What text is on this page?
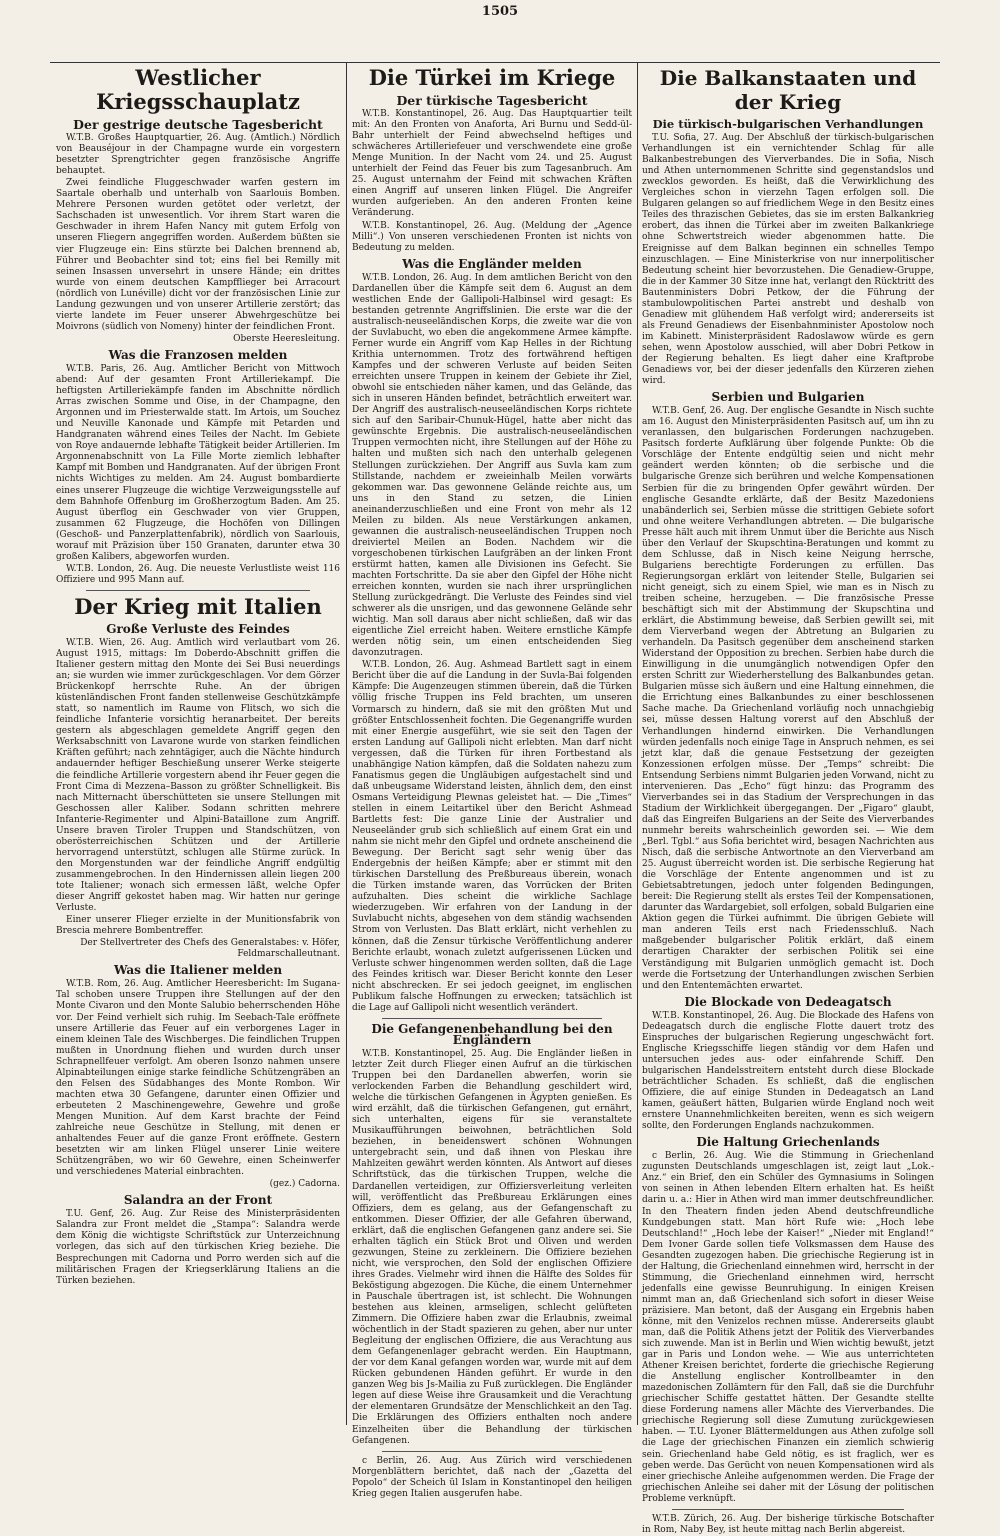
1505
Westlicher Kriegsschauplatz
Der gestrige deutsche Tagesbericht

W.T.B. Großes Hauptquartier, 26. Aug. (Amtlich.) Nördlich von Beauséjour in der Champagne wurde ein vorgestern besetzter Sprengtrichter gegen französische Angriffe behauptet.

Zwei feindliche Fluggeschwader warfen gestern im Saartale oberhalb und unterhalb von Saarlouis Bomben. Mehrere Personen wurden getötet oder verletzt, der Sachschaden ist unwesentlich. Vor ihrem Start waren die Geschwader in ihrem Hafen Nancy mit gutem Erfolg von unseren Fliegern angegriffen worden. Außerdem büßten sie vier Flugzeuge ein: Eins stürzte bei Dalchen brennend ab, Führer und Beobachter sind tot; eins fiel bei Remilly mit seinen Insassen unversehrt in unsere Hände; ein drittes wurde von einem deutschen Kampfflieger bei Arracourt (nördlich von Lunéville) dicht vor der französischen Linie zur Landung gezwungen und von unserer Artillerie zerstört; das vierte landete im Feuer unserer Abwehrgeschütze bei Moivrons (südlich von Nomeny) hinter der feindlichen Front.

Oberste Heeresleitung.

Was die Franzosen melden

W.T.B. Paris, 26. Aug. Amtlicher Bericht von Mittwoch abend: Auf der gesamten Front Artilleriekampf. Die heftigsten Artilleriekämpfe fanden im Abschnitte nördlich Arras zwischen Somme und Oise, in der Champagne, den Argonnen und im Priesterwalde statt. Im Artois, um Souchez und Neuville Kanonade und Kämpfe mit Petarden und Handgranaten während eines Teiles der Nacht. Im Gebiete von Roye andauernde lebhafte Tätigkeit beider Artillerien. Im Argonnenabschnitt von La Fille Morte ziemlich lebhafter Kampf mit Bomben und Handgranaten. Auf der übrigen Front nichts Wichtiges zu melden. Am 24. August bombardierte eines unserer Flugzeuge die wichtige Verzweigungsstelle auf dem Bahnhofe Offenburg im Großherzogtum Baden. Am 25. August überflog ein Geschwader von vier Gruppen, zusammen 62 Flugzeuge, die Hochöfen von Dillingen (Geschoß- und Panzerplattenfabrik), nördlich von Saarlouis, worauf mit Präzision über 150 Granaten, darunter etwa 30 großen Kalibers, abgeworfen wurden.

W.T.B. London, 26. Aug. Die neueste Verlustliste weist 116 Offiziere und 995 Mann auf.

Der Krieg mit Italien
Große Verluste des Feindes

W.T.B. Wien, 26. Aug. Amtlich wird verlautbart vom 26. August 1915, mittags: Im Doberdo-Abschnitt griffen die Italiener gestern mittag den Monte dei Sei Busi neuerdings an; sie wurden wie immer zurückgeschlagen. Vor dem Görzer Brückenkopf herrschte Ruhe. An der übrigen küstenländischen Front fanden stellenweise Geschützkämpfe statt, so namentlich im Raume von Flitsch, wo sich die feindliche Infanterie vorsichtig heranarbeitet. Der bereits gestern als abgeschlagen gemeldete Angriff gegen den Werksabschnitt von Lavarone wurde von starken feindlichen Kräften geführt; nach zehntägiger, auch die Nächte hindurch andauernder heftiger Beschießung unserer Werke steigerte die feindliche Artillerie vorgestern abend ihr Feuer gegen die Front Cima di Mezzena–Basson zu größter Schnelligkeit. Bis nach Mitternacht überschütteten sie unsere Stellungen mit Geschossen aller Kaliber. Sodann schritten mehrere Infanterie-Regimenter und Alpini-Bataillone zum Angriff. Unsere braven Tiroler Truppen und Standschützen, von oberösterreichischen Schützen und der Artillerie hervorragend unterstützt, schlugen alle Stürme zurück. In den Morgenstunden war der feindliche Angriff endgültig zusammengebrochen. In den Hindernissen allein liegen 200 tote Italiener; wonach sich ermessen läßt, welche Opfer dieser Angriff gekostet haben mag. Wir hatten nur geringe Verluste.

Einer unserer Flieger erzielte in der Munitionsfabrik von Brescia mehrere Bombentreffer.

Der Stellvertreter des Chefs des Generalstabes: v. Höfer, Feldmarschalleutnant.

Was die Italiener melden

W.T.B. Rom, 26. Aug. Amtlicher Heeresbericht: Im Sugana-Tal schoben unsere Truppen ihre Stellungen auf der den Monte Civaron und den Monte Salubio beherrschenden Höhe vor. Der Feind verhielt sich ruhig. Im Seebach-Tale eröffnete unsere Artillerie das Feuer auf ein verborgenes Lager in einem kleinen Tale des Wischberges. Die feindlichen Truppen mußten in Unordnung fliehen und wurden durch unser Schrapnellfeuer verfolgt. Am oberen Isonzo nahmen unsere Alpinabteilungen einige starke feindliche Schützengräben an den Felsen des Südabhanges des Monte Rombon. Wir machten etwa 30 Gefangene, darunter einen Offizier und erbeuteten 2 Maschinengewehre, Gewehre und große Mengen Munition. Auf dem Karst brachte der Feind zahlreiche neue Geschütze in Stellung, mit denen er anhaltendes Feuer auf die ganze Front eröffnete. Gestern besetzten wir am linken Flügel unserer Linie weitere Schützengräben, wo wir 60 Gewehre, einen Scheinwerfer und verschiedenes Material einbrachten.

(gez.) Cadorna.

Salandra an der Front

T.U. Genf, 26. Aug. Zur Reise des Ministerpräsidenten Salandra zur Front meldet die „Stampa“: Salandra werde dem König die wichtigste Schriftstück zur Unterzeichnung vorlegen, das sich auf den türkischen Krieg beziehe. Die Besprechungen mit Cadorna und Porro werden sich auf die militärischen Fragen der Kriegserklärung Italiens an die Türken beziehen.

Die Türkei im Kriege
Der türkische Tagesbericht

W.T.B. Konstantinopel, 26. Aug. Das Hauptquartier teilt mit: An den Fronten von Anaforta, Ari Burnu und Sedd-ül-Bahr unterhielt der Feind abwechselnd heftiges und schwächeres Artilleriefeuer und verschwendete eine große Menge Munition. In der Nacht vom 24. und 25. August unterhielt der Feind das Feuer bis zum Tagesanbruch. Am 25. August unternahm der Feind mit schwachen Kräften einen Angriff auf unseren linken Flügel. Die Angreifer wurden aufgerieben. An den anderen Fronten keine Veränderung.

W.T.B. Konstantinopel, 26. Aug. (Meldung der „Agence Milli“.) Von unseren verschiedenen Fronten ist nichts von Bedeutung zu melden.

Was die Engländer melden

W.T.B. London, 26. Aug. In dem amtlichen Bericht von den Dardanellen über die Kämpfe seit dem 6. August an dem westlichen Ende der Gallipoli-Halbinsel wird gesagt: Es bestanden getrennte Angriffslinien. Die erste war die der australisch-neuseeländischen Korps, die zweite war die von der Suvlabucht, wo eben die angekommene Armee kämpfte. Ferner wurde ein Angriff vom Kap Helles in der Richtung Krithia unternommen. Trotz des fortwährend heftigen Kampfes und der schweren Verluste auf beiden Seiten erreichten unsere Truppen in keinem der Gebiete ihr Ziel, obwohl sie entschieden näher kamen, und das Gelände, das sich in unseren Händen befindet, beträchtlich erweitert war. Der Angriff des australisch-neuseeländischen Korps richtete sich auf den Saribair-Chunuk-Hügel, hatte aber nicht das gewünschte Ergebnis. Die australisch-neuseeländischen Truppen vermochten nicht, ihre Stellungen auf der Höhe zu halten und mußten sich nach den unterhalb gelegenen Stellungen zurückziehen. Der Angriff aus Suvla kam zum Stillstande, nachdem er zweieinhalb Meilen vorwärts gekommen war. Das gewonnene Gelände reichte aus, um uns in den Stand zu setzen, die Linien aneinanderzuschließen und eine Front von mehr als 12 Meilen zu bilden. Als neue Verstärkungen ankamen, gewannen die australisch-neuseeländischen Truppen noch dreiviertel Meilen an Boden. Nachdem wir die vorgeschobenen türkischen Laufgräben an der linken Front erstürmt hatten, kamen alle Divisionen ins Gefecht. Sie machten Fortschritte. Da sie aber den Gipfel der Höhe nicht erreichen konnten, wurden sie nach ihrer ursprünglichen Stellung zurückgedrängt. Die Verluste des Feindes sind viel schwerer als die unsrigen, und das gewonnene Gelände sehr wichtig. Man soll daraus aber nicht schließen, daß wir das eigentliche Ziel erreicht haben. Weitere ernstliche Kämpfe werden nötig sein, um einen entscheidenden Sieg davonzutragen.

W.T.B. London, 26. Aug. Ashmead Bartlett sagt in einem Bericht über die auf die Landung in der Suvla-Bai folgenden Kämpfe: Die Augenzeugen stimmen überein, daß die Türken völlig frische Truppen ins Feld brachten, um unseren Vormarsch zu hindern, daß sie mit den größten Mut und größter Entschlossenheit fochten. Die Gegenangriffe wurden mit einer Energie ausgeführt, wie sie seit den Tagen der ersten Landung auf Gallipoli nicht erlebten. Man darf nicht vergessen, daß die Türken für ihren Fortbestand als unabhängige Nation kämpfen, daß die Soldaten nahezu zum Fanatismus gegen die Ungläubigen aufgestachelt sind und daß unbeugsame Widerstand leisten, ähnlich dem, den einst Osmans Verteidigung Plewnas geleistet hat. — Die „Times“ stellen in einem Leitartikel über den Bericht Ashmead Bartletts fest: Die ganze Linie der Australier und Neuseeländer grub sich schließlich auf einem Grat ein und nahm sie nicht mehr den Gipfel und ordnete anscheinend die Bewegung. Der Bericht sagt sehr wenig über das Endergebnis der heißen Kämpfe; aber er stimmt mit den türkischen Darstellung des Preßbureaus überein, wonach die Türken imstande waren, das Vorrücken der Briten aufzuhalten. Dies scheint die wirkliche Sachlage wiederzugeben. Wir erfahren von der Landung in der Suvlabucht nichts, abgesehen von dem ständig wachsenden Strom von Verlusten. Das Blatt erklärt, nicht verhehlen zu können, daß die Zensur türkische Veröffentlichung anderer Berichte erlaubt, wonach zuletzt aufgerissenen Lücken und Verluste schwer hingenommen werden sollten, daß die Lage des Feindes kritisch war. Dieser Bericht konnte den Leser nicht abschrecken. Er sei jedoch geeignet, im englischen Publikum falsche Hoffnungen zu erwecken; tatsächlich ist die Lage auf Gallipoli nicht wesentlich verändert.

Die Gefangenenbehandlung bei den Engländern

W.T.B. Konstantinopel, 25. Aug. Die Engländer ließen in letzter Zeit durch Flieger einen Aufruf an die türkischen Truppen bei den Dardanellen abwerfen, worin sie verlockenden Farben die Behandlung geschildert wird, welche die türkischen Gefangenen in Ägypten genießen. Es wird erzählt, daß die türkischen Gefangenen, gut ernährt, sich unterhalten, eigens für sie veranstaltete Musikaufführungen beiwohnen, beträchtlichen Sold beziehen, in beneidenswert schönen Wohnungen untergebracht sein, und daß ihnen von Pleskau ihre Mahlzeiten gewährt werden könnten. Als Antwort auf dieses Schriftstück, das die türkischen Truppen, welche die Dardanellen verteidigen, zur Offiziersverleitung verleiten will, veröffentlicht das Preßbureau Erklärungen eines Offiziers, dem es gelang, aus der Gefangenschaft zu entkommen. Dieser Offizier, der alle Gefahren überwand, erklärt, daß die englischen Gefangenen ganz andere sei. Sie erhalten täglich ein Stück Brot und Oliven und werden gezwungen, Steine zu zerkleinern. Die Offiziere beziehen nicht, wie versprochen, den Sold der englischen Offiziere ihres Grades. Vielmehr wird ihnen die Hälfte des Soldes für Beköstigung abgezogen. Die Küche, die einem Unternehmer in Pauschale übertragen ist, ist schlecht. Die Wohnungen bestehen aus kleinen, armseligen, schlecht gelüfteten Zimmern. Die Offiziere haben zwar die Erlaubnis, zweimal wöchentlich in der Stadt spazieren zu gehen, aber nur unter Begleitung der englischen Offiziere, die aus Verachtung aus dem Gefangenenlager gebracht werden. Ein Hauptmann, der vor dem Kanal gefangen worden war, wurde mit auf dem Rücken gebundenen Händen geführt. Er wurde in den ganzen Weg bis Js-Mailia zu Fuß zurücklegen. Die Engländer legen auf diese Weise ihre Grausamkeit und die Verachtung der elementaren Grundsätze der Menschlichkeit an den Tag. Die Erklärungen des Offiziers enthalten noch andere Einzelheiten über die Behandlung der türkischen Gefangenen.

c Berlin, 26. Aug. Aus Zürich wird verschiedenen Morgenblättern berichtet, daß nach der „Gazetta del Popolo“ der Scheich ül Islam in Konstantinopel den heiligen Krieg gegen Italien ausgerufen habe.

Die Balkanstaaten und der Krieg
Die türkisch-bulgarischen Verhandlungen

T.U. Sofia, 27. Aug. Der Abschluß der türkisch-bulgarischen Verhandlungen ist ein vernichtender Schlag für alle Balkanbestrebungen des Vierverbandes. Die in Sofia, Nisch und Athen unternommenen Schritte sind gegenstandslos und zwecklos geworden. Es heißt, daß die Verwirklichung des Vergleiches schon in vierzehn Tagen erfolgen soll. Die Bulgaren gelangen so auf friedlichem Wege in den Besitz eines Teiles des thrazischen Gebietes, das sie im ersten Balkankrieg erobert, das ihnen die Türkei aber im zweiten Balkankriege ohne Schwertstreich wieder abgenommen hatte. Die Ereignisse auf dem Balkan beginnen ein schnelles Tempo einzuschlagen. — Eine Ministerkrise von nur innerpolitischer Bedeutung scheint hier bevorzustehen. Die Genadiew-Gruppe, die in der Kammer 30 Sitze inne hat, verlangt den Rücktritt des Bautenministers Dobri Petkow, der die Führung der stambulowpolitischen Partei anstrebt und deshalb von Genadiew mit glühendem Haß verfolgt wird; andererseits ist als Freund Genadiews der Eisenbahnminister Apostolow noch im Kabinett. Ministerpräsident Radoslawow würde es gern sehen, wenn Apostolow ausschied, will aber Dobri Petkow in der Regierung behalten. Es liegt daher eine Kraftprobe Genadiews vor, bei der dieser jedenfalls den Kürzeren ziehen wird.

Serbien und Bulgarien

W.T.B. Genf, 26. Aug. Der englische Gesandte in Nisch suchte am 16. August den Ministerpräsidenten Pasitsch auf, um ihn zu veranlassen, den bulgarischen Forderungen nachzugeben. Pasitsch forderte Aufklärung über folgende Punkte: Ob die Vorschläge der Entente endgültig seien und nicht mehr geändert werden könnten; ob die serbische und die bulgarische Grenze sich berühren und welche Kompensationen Serbien für die zu bringenden Opfer gewährt würden. Der englische Gesandte erklärte, daß der Besitz Mazedoniens unabänderlich sei, Serbien müsse die strittigen Gebiete sofort und ohne weitere Verhandlungen abtreten. — Die bulgarische Presse hält auch mit ihrem Unmut über die Berichte aus Nisch über den Verlauf der Skupschtina-Beratungen und kommt zu dem Schlusse, daß in Nisch keine Neigung herrsche, Bulgariens berechtigte Forderungen zu erfüllen. Das Regierungsorgan erklärt von leitender Stelle, Bulgarien sei nicht geneigt, sich zu einem Spiel, wie man es in Nisch zu treiben scheine, herzugeben. — Die französische Presse beschäftigt sich mit der Abstimmung der Skupschtina und erklärt, die Abstimmung beweise, daß Serbien gewillt sei, mit dem Vierverband wegen der Abtretung an Bulgarien zu verhandeln. Da Pasitsch gegenüber dem anscheinend starken Widerstand der Opposition zu brechen. Serbien habe durch die Einwilligung in die unumgänglich notwendigen Opfer den ersten Schritt zur Wiederherstellung des Balkanbundes getan. Bulgarien müsse sich äußern und eine Haltung einnehmen, die die Errichtung eines Balkanbundes zu einer beschlossenen Sache mache. Da Griechenland vorläufig noch unnachgiebig sei, müsse dessen Haltung vorerst auf den Abschluß der Verhandlungen hindernd einwirken. Die Verhandlungen würden jedenfalls noch einige Tage in Anspruch nehmen, es sei jetzt klar, daß die genaue Festsetzung der gezeigten Konzessionen erfolgen müsse. Der „Temps“ schreibt: Die Entsendung Serbiens nimmt Bulgarien jeden Vorwand, nicht zu intervenieren. Das „Echo“ fügt hinzu: das Programm des Vierverbandes sei in das Stadium der Versprechungen in das Stadium der Wirklichkeit übergegangen. Der „Figaro“ glaubt, daß das Eingreifen Bulgariens an der Seite des Vierverbandes nunmehr bereits wahrscheinlich geworden sei. — Wie dem „Berl. Tgbl.“ aus Sofia berichtet wird, besagen Nachrichten aus Nisch, daß die serbische Antwortnote an den Vierverband am 25. August überreicht worden ist. Die serbische Regierung hat die Vorschläge der Entente angenommen und ist zu Gebietsabtretungen, jedoch unter folgenden Bedingungen, bereit: Die Regierung stellt als erstes Teil der Kompensationen, darunter das Wardargebiet, soll erfolgen, sobald Bulgarien eine Aktion gegen die Türkei aufnimmt. Die übrigen Gebiete will man anderen Teils erst nach Friedensschluß. Nach maßgebender bulgarischer Politik erklärt, daß einem derartigen Charakter der serbischen Politik sei eine Verständigung mit Bulgarien unmöglich gemacht ist. Doch werde die Fortsetzung der Unterhandlungen zwischen Serbien und den Ententemächten erwartet.

Die Blockade von Dedeagatsch

W.T.B. Konstantinopel, 26. Aug. Die Blockade des Hafens von Dedeagatsch durch die englische Flotte dauert trotz des Einspruches der bulgarischen Regierung ungeschwächt fort. Englische Kriegsschiffe liegen ständig vor dem Hafen und untersuchen jedes aus- oder einfahrende Schiff. Den bulgarischen Handelsstreitern entsteht durch diese Blockade beträchtlicher Schaden. Es schließt, daß die englischen Offiziere, die auf einige Stunden in Dedeagatsch an Land kamen, geäußert hätten, Bulgarien würde England noch weit ernstere Unannehmlichkeiten bereiten, wenn es sich weigern sollte, den Forderungen Englands nachzukommen.

Die Haltung Griechenlands

c Berlin, 26. Aug. Wie die Stimmung in Griechenland zugunsten Deutschlands umgeschlagen ist, zeigt laut „Lok.-Anz.“ ein Brief, den ein Schüler des Gymnasiums in Solingen von seinen in Athen lebenden Eltern erhalten hat. Es heißt darin u. a.: Hier in Athen wird man immer deutschfreundlicher. In den Theatern finden jeden Abend deutschfreundliche Kundgebungen statt. Man hört Rufe wie: „Hoch lebe Deutschland!“ „Hoch lebe der Kaiser!“ „Nieder mit England!“ Dem Ivoner Garde sollen tiefe Volksmassen dem Hause des Gesandten zugezogen haben. Die griechische Regierung ist in der Haltung, die Griechenland einnehmen wird, herrscht in der Stimmung, die Griechenland einnehmen wird, herrscht jedenfalls eine gewisse Beunruhigung. In einigen Kreisen nimmt man an, daß Griechenland sich sofort in dieser Weise präzisiere. Man betont, daß der Ausgang ein Ergebnis haben könne, mit den Venizelos rechnen müsse. Andererseits glaubt man, daß die Politik Athens jetzt der Politik des Vierverbandes sich zuwende. Man ist in Berlin und Wien wichtig bewußt, jetzt gar in Paris und London wehe. — Wie aus unterrichteten Athener Kreisen berichtet, forderte die griechische Regierung die Anstellung englischer Kontrollbeamter in den mazedonischen Zollämtern für den Fall, daß sie die Durchfuhr griechischer Schiffe gestattet hätten. Der Gesandte stellte diese Forderung namens aller Mächte des Vierverbandes. Die griechische Regierung soll diese Zumutung zurückgewiesen haben. — T.U. Lyoner Blättermeldungen aus Athen zufolge soll die Lage der griechischen Finanzen ein ziemlich schwierig sein. Griechenland habe Geld nötig, es ist fraglich, wer es geben werde. Das Gerücht von neuen Kompensationen wird als einer griechische Anleihe aufgenommen werden. Die Frage der griechischen Anleihe sei daher mit der Lösung der politischen Probleme verknüpft.

W.T.B. Zürich, 26. Aug. Der bisherige türkische Botschafter in Rom, Naby Bey, ist heute mittag nach Berlin abgereist.
